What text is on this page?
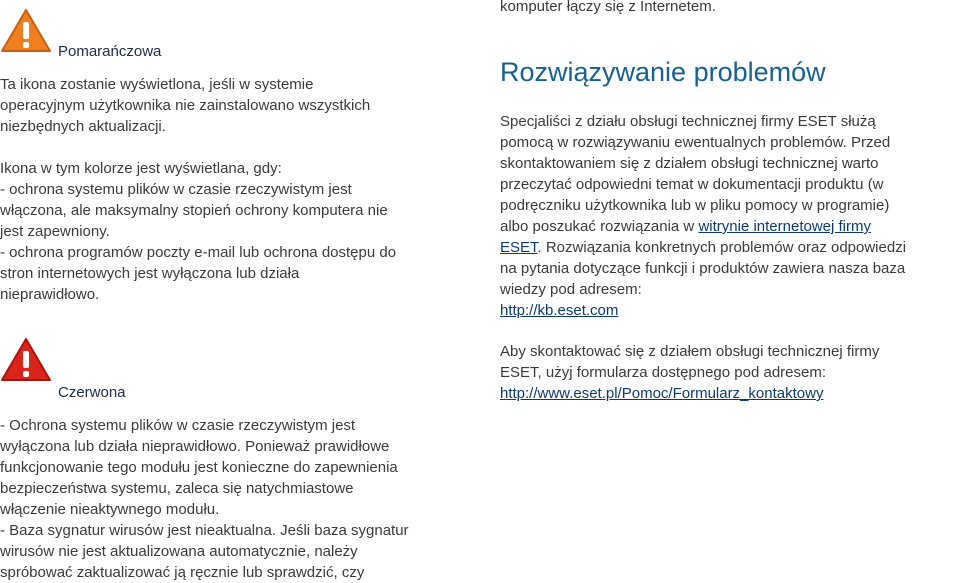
Pomarańczowa

Ta ikona zostanie wyświetlona, jeśli w systemie
operacyjnym użytkownika nie zainstalowano wszystkich
niezbędnych aktualizacji.

Ikona w tym kolorze jest wyświetlana, gdy:
- ochrona systemu plików w czasie rzeczywistym jest
włączona, ale maksymalny stopień ochrony komputera nie
jest zapewniony.
- ochrona programów poczty e-mail lub ochrona dostępu do
stron internetowych jest wyłączona lub działa
nieprawidłowo.

Czerwona

- Ochrona systemu plików w czasie rzeczywistym jest
wyłączona lub działa nieprawidłowo. Ponieważ prawidłowe
funkcjonowanie tego modułu jest konieczne do zapewnienia
bezpieczeństwa systemu, zaleca się natychmiastowe
włączenie nieaktywnego modułu.
- Baza sygnatur wirusów jest nieaktualna. Jeśli baza sygnatur
wirusów nie jest aktualizowana automatycznie, należy
spróbować zaktualizować ją ręcznie lub sprawdzić, czy

komputer łączy się z Internetem.

Rozwiązywanie problemów

Specjaliści z działu obsługi technicznej firmy ESET służą
pomocą w rozwiązywaniu ewentualnych problemów. Przed
skontaktowaniem się z działem obsługi technicznej warto
przeczytać odpowiedni temat w dokumentacji produktu (w
podręczniku użytkownika lub w pliku pomocy w programie)
albo poszukać rozwiązania w witrynie internetowej firmy
ESET. Rozwiązania konkretnych problemów oraz odpowiedzi
na pytania dotyczące funkcji i produktów zawiera nasza baza
wiedzy pod adresem:
http://kb.eset.com

Aby skontaktować się z działem obsługi technicznej firmy
ESET, użyj formularza dostępnego pod adresem:
http://www.eset.pl/Pomoc/Formularz_kontaktowy
